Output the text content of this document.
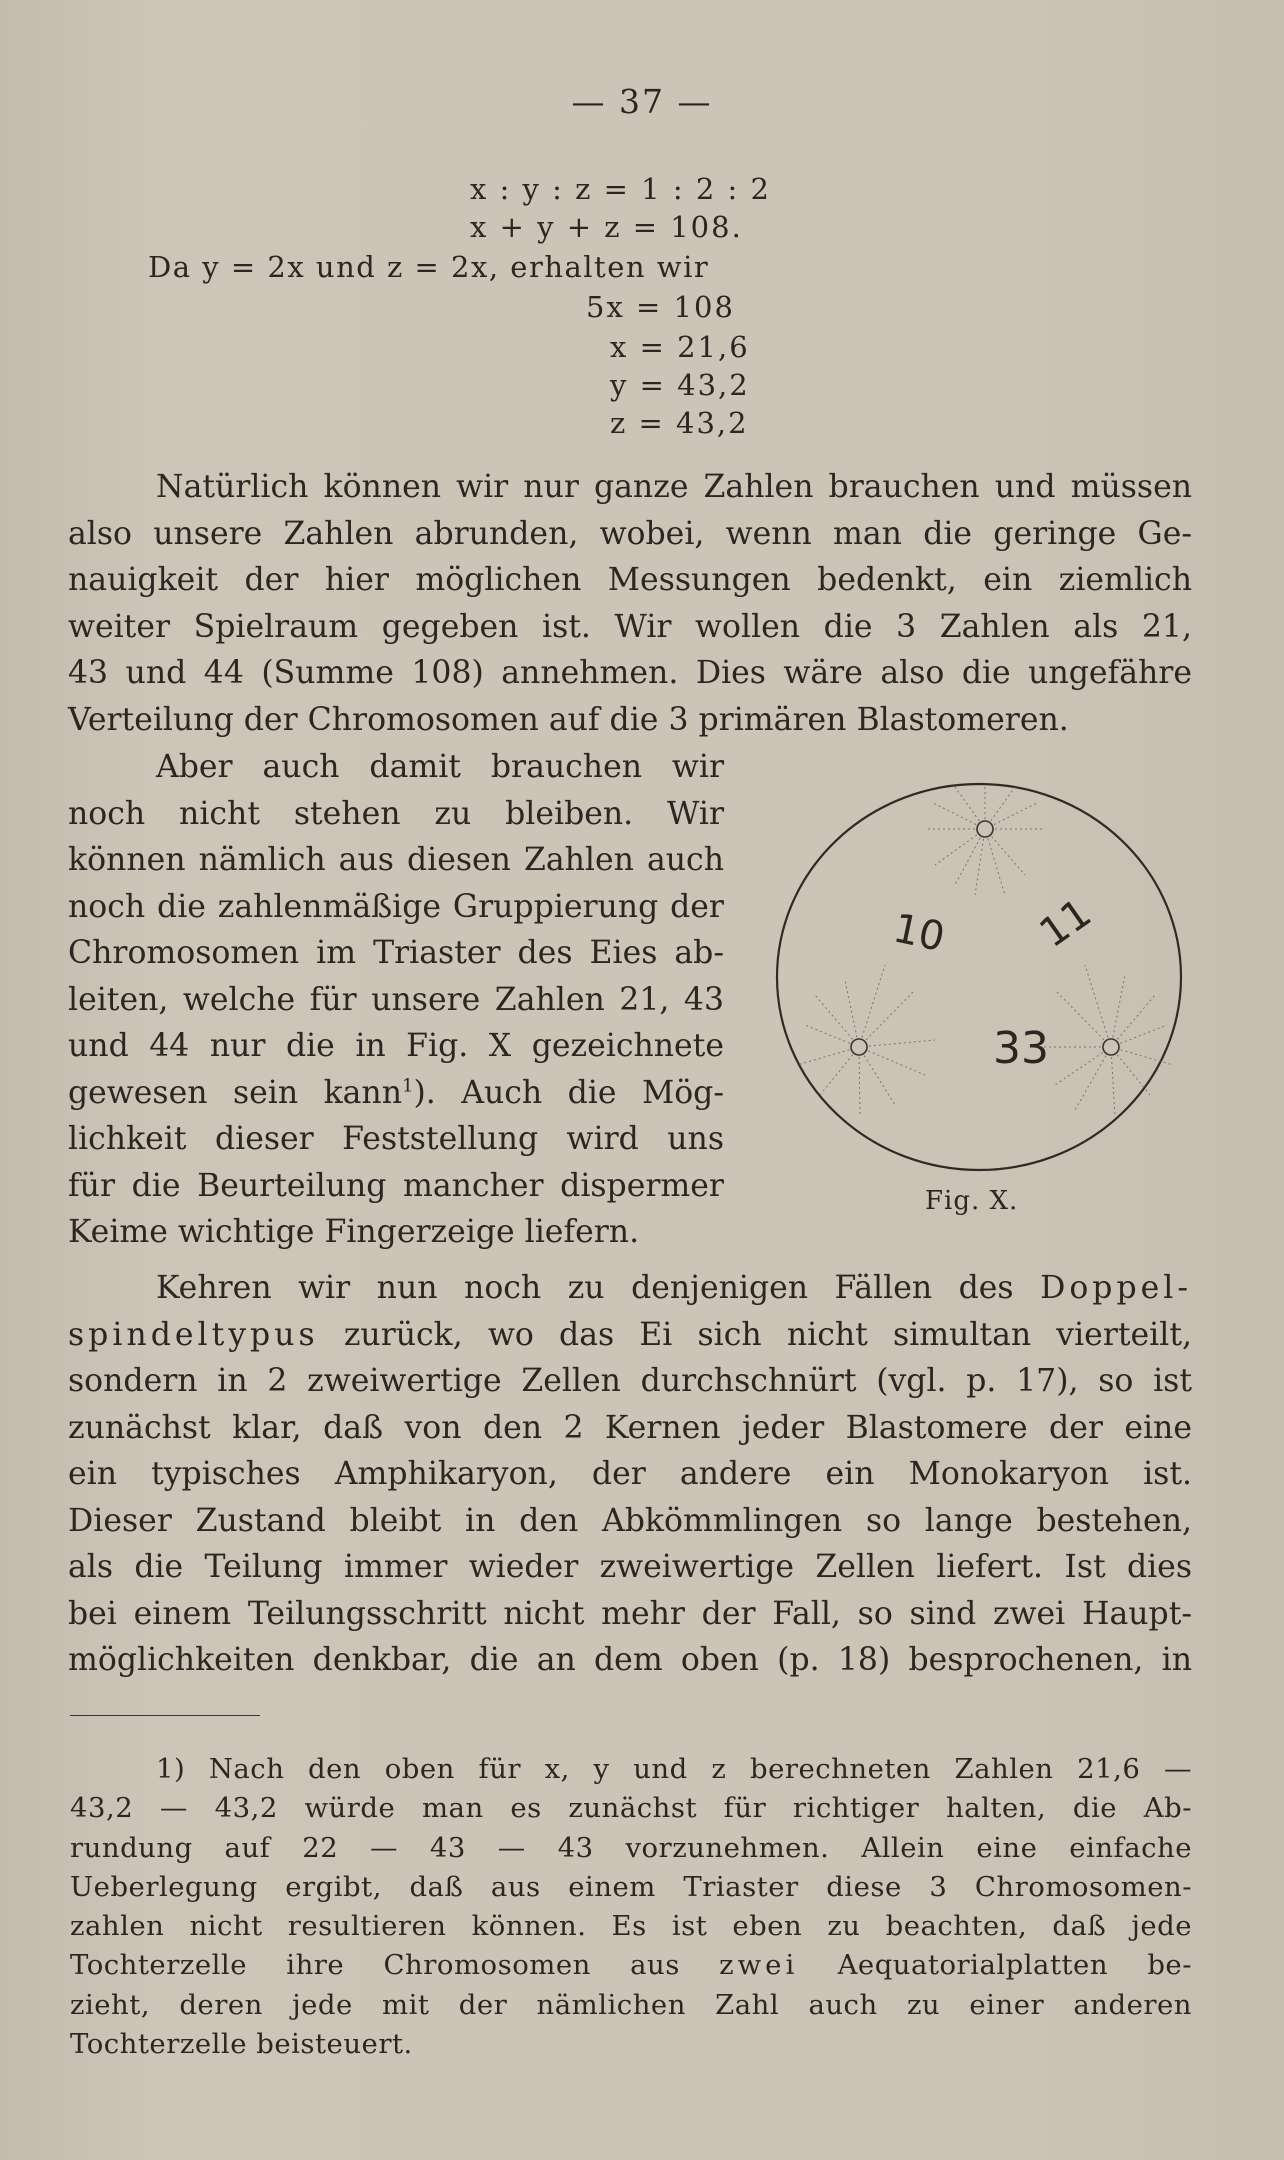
— 37 —
x : y : z = 1 : 2 : 2
x + y + z = 108.
Da y = 2x und z = 2x, erhalten wir
5x = 108
x = 21,6
y = 43,2
z = 43,2

Natürlich können wir nur ganze Zahlen brauchen und müssen

also unsere Zahlen abrunden, wobei, wenn man die geringe Ge-

nauigkeit der hier möglichen Messungen bedenkt, ein ziemlich

weiter Spielraum gegeben ist. Wir wollen die 3 Zahlen als 21,

43 und 44 (Summe 108) annehmen. Dies wäre also die ungefähre

Verteilung der Chromosomen auf die 3 primären Blastomeren.

Aber auch damit brauchen wir

noch nicht stehen zu bleiben. Wir

können nämlich aus diesen Zahlen auch

noch die zahlenmäßige Gruppierung der

Chromosomen im Triaster des Eies ab-

leiten, welche für unsere Zahlen 21, 43

und 44 nur die in Fig. X gezeichnete

gewesen sein kann$^1$). Auch die Mög-

lichkeit dieser Feststellung wird uns

für die Beurteilung mancher dispermer

Keime wichtige Fingerzeige liefern.

10 11
33
Fig. X.

Kehren wir nun noch zu denjenigen Fällen des Doppel-

spindeltypus zurück, wo das Ei sich nicht simultan vierteilt,

sondern in 2 zweiwertige Zellen durchschnürt (vgl. p. 17), so ist

zunächst klar, daß von den 2 Kernen jeder Blastomere der eine

ein typisches Amphikaryon, der andere ein Monokaryon ist.

Dieser Zustand bleibt in den Abkömmlingen so lange bestehen,

als die Teilung immer wieder zweiwertige Zellen liefert. Ist dies

bei einem Teilungsschritt nicht mehr der Fall, so sind zwei Haupt-

möglichkeiten denkbar, die an dem oben (p. 18) besprochenen, in

1) Nach den oben für x, y und z berechneten Zahlen 21,6 —

43,2 — 43,2 würde man es zunächst für richtiger halten, die Ab-

rundung auf 22 — 43 — 43 vorzunehmen. Allein eine einfache

Ueberlegung ergibt, daß aus einem Triaster diese 3 Chromosomen-

zahlen nicht resultieren können. Es ist eben zu beachten, daß jede

Tochterzelle ihre Chromosomen aus zwei Aequatorialplatten be-

zieht, deren jede mit der nämlichen Zahl auch zu einer anderen

Tochterzelle beisteuert.
